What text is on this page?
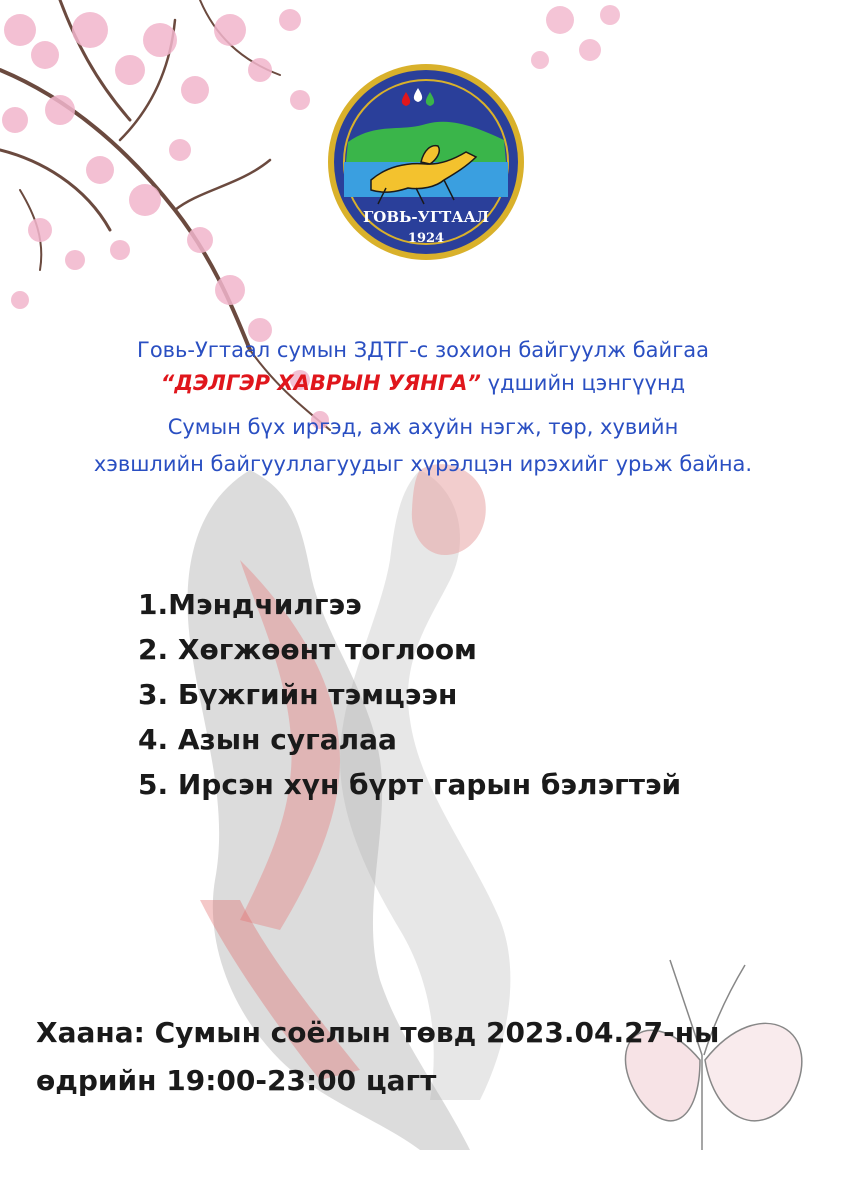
ГОВЬ-УГТААЛ
1924
Говь-Угтаал сумын ЗДТГ-с зохион байгуулж байгаа
“ДЭЛГЭР ХАВРЫН УЯНГА” үдшийн цэнгүүнд
Сумын бүх иргэд, аж ахуйн нэгж, төр, хувийн
хэвшлийн байгууллагуудыг хүрэлцэн ирэхийг урьж байна.
1.Мэндчилгээ
2. Хөгжөөнт тоглоом
3. Бүжгийн тэмцээн
4. Азын сугалаа
5. Ирсэн хүн бүрт гарын бэлэгтэй
Хаана: Сумын соёлын төвд 2023.04.27-ны
өдрийн 19:00-23:00 цагт
